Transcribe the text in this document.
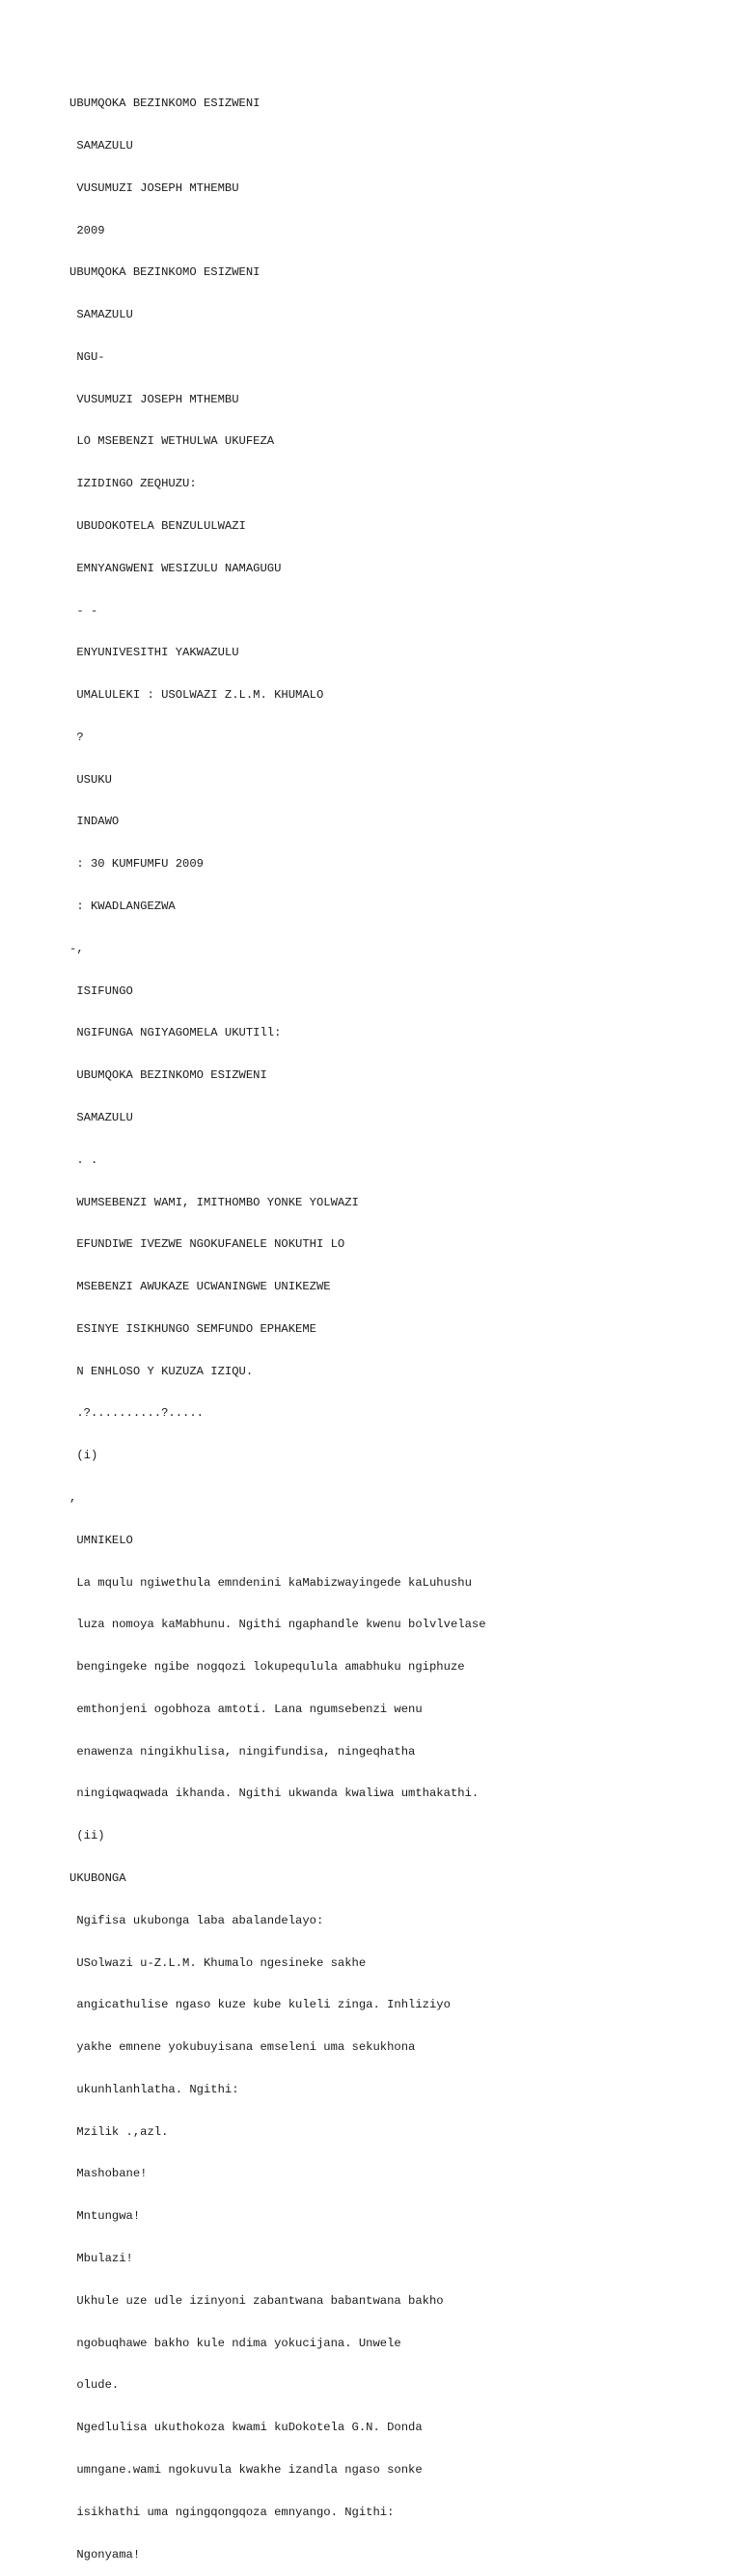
UBUMQOKA BEZINKOMO ESIZWENI

SAMAZULU

VUSUMUZI JOSEPH MTHEMBU

2009

UBUMQOKA BEZINKOMO ESIZWENI

SAMAZULU

NGU-

VUSUMUZI JOSEPH MTHEMBU

LO MSEBENZI WETHULWA UKUFEZA

IZIDINGO ZEQHUZU:

UBUDOKOTELA BENZULULWAZI

EMNYANGWENI WESIZULU NAMAGUGU

- -

ENYUNIVESITHI YAKWAZULU

UMALULEKI : USOLWAZI Z.L.M. KHUMALO

?

USUKU

INDAWO

: 30 KUMFUMFU 2009

: KWADLANGEZWA

-,

ISIFUNGO

NGIFUNGA NGIYAGOMELA UKUTIll:

UBUMQOKA BEZINKOMO ESIZWENI

SAMAZULU

. .

WUMSEBENZI WAMI, IMITHOMBO YONKE YOLWAZI

EFUNDIWE IVEZWE NGOKUFANELE NOKUTHI LO

MSEBENZI AWUKAZE UCWANINGWE UNIKEZWE

ESINYE ISIKHUNGO SEMFUNDO EPHAKEME

N ENHLOSO Y KUZUZA IZIQU.

.?..........?.....

(i)

,

UMNIKELO

La mqulu ngiwethula emndenini kaMabizwayingede kaLuhushu

luza nomoya kaMabhunu. Ngithi ngaphandle kwenu bolvlvelase

bengingeke ngibe nogqozi lokupequlula amabhuku ngiphuze

emthonjeni ogobhoza amtoti. Lana ngumsebenzi wenu

enawenza ningikhulisa, ningifundisa, ningeqhatha

ningiqwaqwada ikhanda. Ngithi ukwanda kwaliwa umthakathi.

(ii)

UKUBONGA

Ngifisa ukubonga laba abalandelayo:

USolwazi u-Z.L.M. Khumalo ngesineke sakhe

angicathulise ngaso kuze kube kuleli zinga. Inhliziyo

yakhe emnene yokubuyisana emseleni uma sekukhona

ukunhlanhlatha. Ngithi:

Mzilik .,azl.

Mashobane!

Mntungwa!

Mbulazi!

Ukhule uze udle izinyoni zabantwana babantwana bakho

ngobuqhawe bakho kule ndima yokucijana. Unwele

olude.

Ngedlulisa ukuthokoza kwami kuDokotela G.N. Donda

umngane.wami ngokuvula kwakhe izandla ngaso sonke

isikhathi uma ngingqongqoza emnyango. Ngithi:

Ngonyama!
